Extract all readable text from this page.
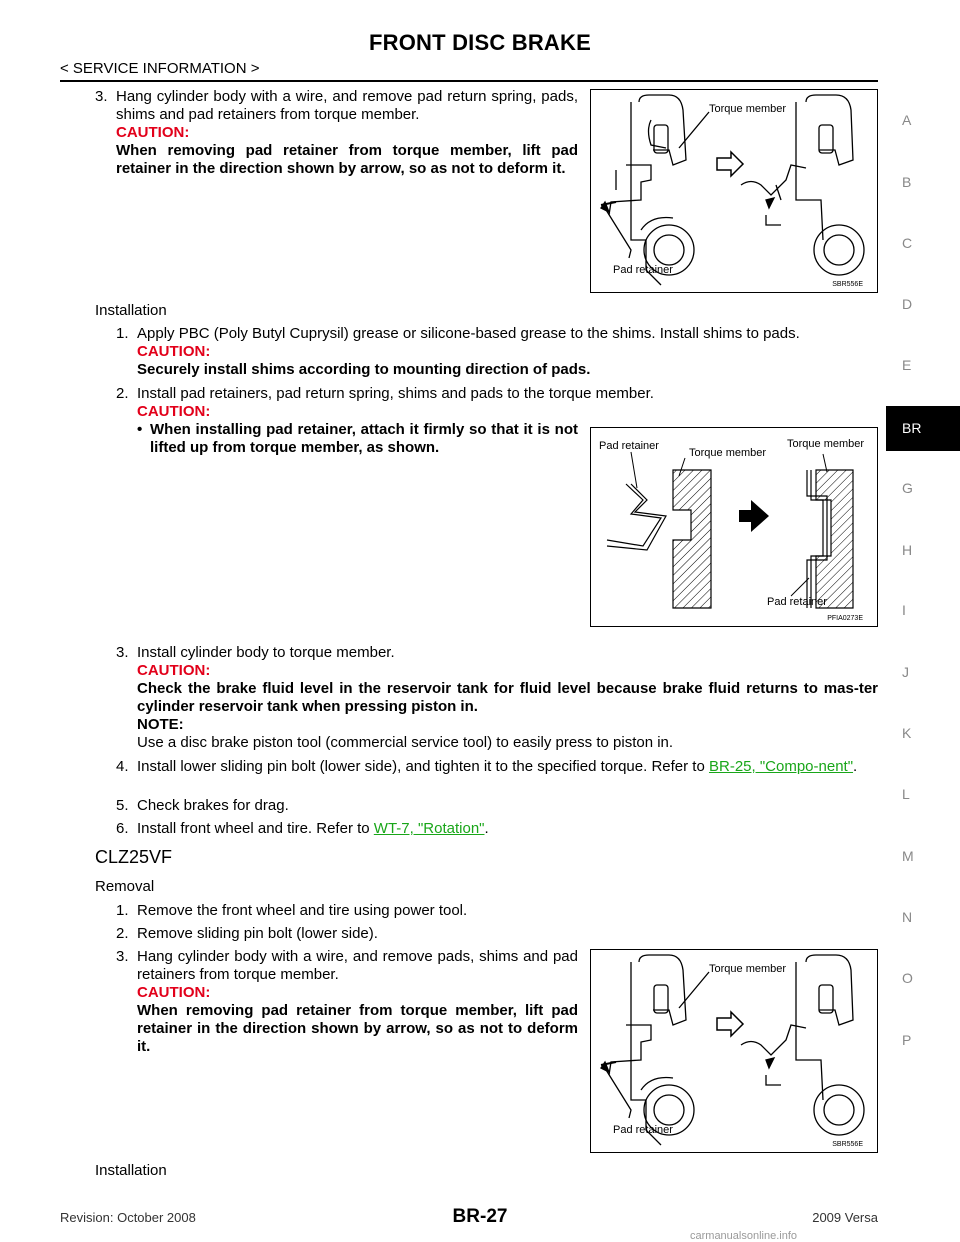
FRONT DISC BRAKE
< SERVICE INFORMATION >
A
B
C
D
E
BR
G
H
I
J
K
L
M
N
O
P
3. Hang cylinder body with a wire, and remove pad return spring, pads, shims and pad retainers from torque member.
CAUTION:
When removing pad retainer from torque member, lift pad retainer in the direction shown by arrow, so as not to deform it.
Torque member
Pad retainer
SBR556E
Installation
1. Apply PBC (Poly Butyl Cuprysil) grease or silicone-based grease to the shims. Install shims to pads.
CAUTION:
Securely install shims according to mounting direction of pads.
2. Install pad retainers, pad return spring, shims and pads to the torque member.
CAUTION:
• When installing pad retainer, attach it firmly so that it is not lifted up from torque member, as shown.	Pad retainer
Torque member
Torque member
Pad retainer
PFIA0273E
3. Install cylinder body to torque member.
CAUTION:
Check the brake fluid level in the reservoir tank for fluid level because brake fluid returns to mas-ter cylinder reservoir tank when pressing piston in.
NOTE:
Use a disc brake piston tool (commercial service tool) to easily press to piston in.
4. Install lower sliding pin bolt (lower side), and tighten it to the specified torque. Refer to BR-25, "Compo-nent".
5. Check brakes for drag.
6. Install front wheel and tire. Refer to WT-7, "Rotation".
CLZ25VF
Removal
1. Remove the front wheel and tire using power tool.
2. Remove sliding pin bolt (lower side).
3. Hang cylinder body with a wire, and remove pads, shims and pad retainers from torque member.
CAUTION:
When removing pad retainer from torque member, lift pad retainer in the direction shown by arrow, so as not to deform it.
Torque member
Pad retainer
SBR556E
Installation
Revision: October 2008	BR-27	2009 Versa
carmanualsonline.info
